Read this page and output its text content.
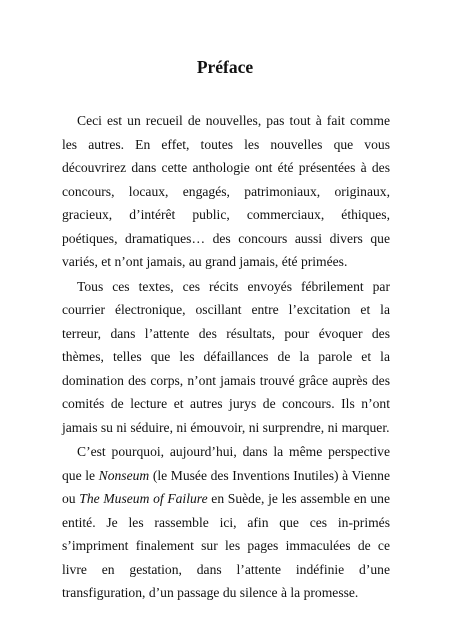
Préface

Ceci est un recueil de nouvelles, pas tout à fait comme les autres. En effet, toutes les nouvelles que vous découvrirez dans cette anthologie ont été présentées à des concours, locaux, engagés, patrimoniaux, originaux, gracieux, d’intérêt public, commerciaux, éthiques, poétiques, dramatiques… des concours aussi divers que variés, et n’ont jamais, au grand jamais, été primées.

Tous ces textes, ces récits envoyés fébrilement par courrier électronique, oscillant entre l’excitation et la terreur, dans l’attente des résultats, pour évoquer des thèmes, telles que les défaillances de la parole et la domination des corps, n’ont jamais trouvé grâce auprès des comités de lecture et autres jurys de concours. Ils n’ont jamais su ni séduire, ni émouvoir, ni surprendre, ni marquer.

C’est pourquoi, aujourd’hui, dans la même perspective que le Nonseum (le Musée des Inventions Inutiles) à Vienne ou The Museum of Failure en Suède, je les assemble en une entité. Je les rassemble ici, afin que ces in-primés s’impriment finalement sur les pages immaculées de ce livre en gestation, dans l’attente indéfinie d’une transfiguration, d’un passage du silence à la promesse.
